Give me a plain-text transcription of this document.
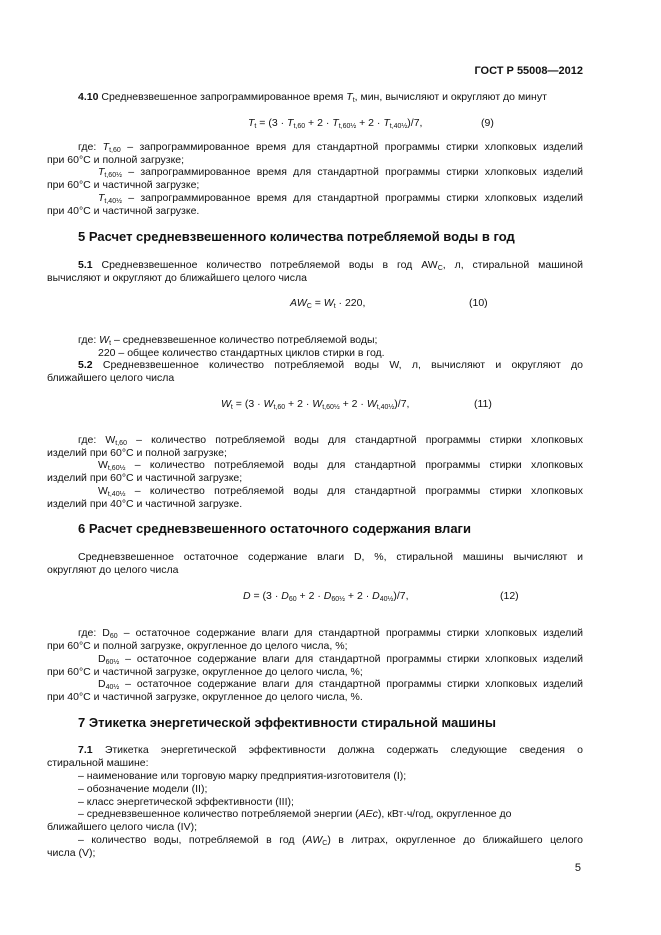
ГОСТ Р 55008—2012
4.10 Средневзвешенное запрограммированное время $T_t$, мин, вычисляют и округляют до минут
$T_t = (3 \cdot T_{t,60} + 2 \cdot T_{t,60\frac{1}{2}} + 2 \cdot T_{t,40\frac{1}{2}})/7$,	(9)
где: $T_{t,60}$ – запрограммированное время для стандартной программы стирки хлопковых изделий
при 60°С и полной загрузке;
$T_{t,60\frac{1}{2}}$ – запрограммированное время для стандартной программы стирки хлопковых изделий
при 60°С и частичной загрузке;
$T_{t,40\frac{1}{2}}$ – запрограммированное время для стандартной программы стирки хлопковых изделий
при 40°С и частичной загрузке.
5 Расчет средневзвешенного количества потребляемой воды в год
5.1 Средневзвешенное количество потребляемой воды в год $AW_C$, л, стиральной машиной
вычисляют и округляют до ближайшего целого числа
$AW_C = W_t \cdot 220$,	(10)
где: $W_t$ – средневзвешенное количество потребляемой воды;
220 – общее количество стандартных циклов стирки в год.
5.2 Средневзвешенное количество потребляемой воды W, л, вычисляют и округляют до
ближайшего целого числа
$W_t = (3 \cdot W_{t,60} + 2 \cdot W_{t,60\frac{1}{2}} + 2 \cdot W_{t,40\frac{1}{2}})/7$,	(11)
где: $W_{t,60}$ – количество потребляемой воды для стандартной программы стирки хлопковых
изделий при 60°С и полной загрузке;
$W_{t,60\frac{1}{2}}$ – количество потребляемой воды для стандартной программы стирки хлопковых
изделий при 60°С и частичной загрузке;
$W_{t,40\frac{1}{2}}$ – количество потребляемой воды для стандартной программы стирки хлопковых
изделий при 40°С и частичной загрузке.
6 Расчет средневзвешенного остаточного содержания влаги
Средневзвешенное остаточное содержание влаги D, %, стиральной машины вычисляют и
округляют до целого числа
$D = (3 \cdot D_{60} + 2 \cdot D_{60\frac{1}{2}} + 2 \cdot D_{40\frac{1}{2}})/7$,	(12)
где: $D_{60}$ – остаточное содержание влаги для стандартной программы стирки хлопковых изделий
при 60°С и полной загрузке, округленное до целого числа, %;
$D_{60\frac{1}{2}}$ – остаточное содержание влаги для стандартной программы стирки хлопковых изделий
при 60°С и частичной загрузке, округленное до целого числа, %;
$D_{40\frac{1}{2}}$ – остаточное содержание влаги для стандартной программы стирки хлопковых изделий
при 40°С и частичной загрузке, округленное до целого числа, %.
7 Этикетка энергетической эффективности стиральной машины
7.1 Этикетка энергетической эффективности должна содержать следующие сведения о
стиральной машине:
– наименование или торговую марку предприятия-изготовителя (I);
– обозначение модели (II);
– класс энергетической эффективности (III);
– средневзвешенное количество потребляемой энергии (AEc), кВт·ч/год, округленное до
ближайшего целого числа (IV);
– количество воды, потребляемой в год $(AW_C)$ в литрах, округленное до ближайшего целого
числа (V);
5
